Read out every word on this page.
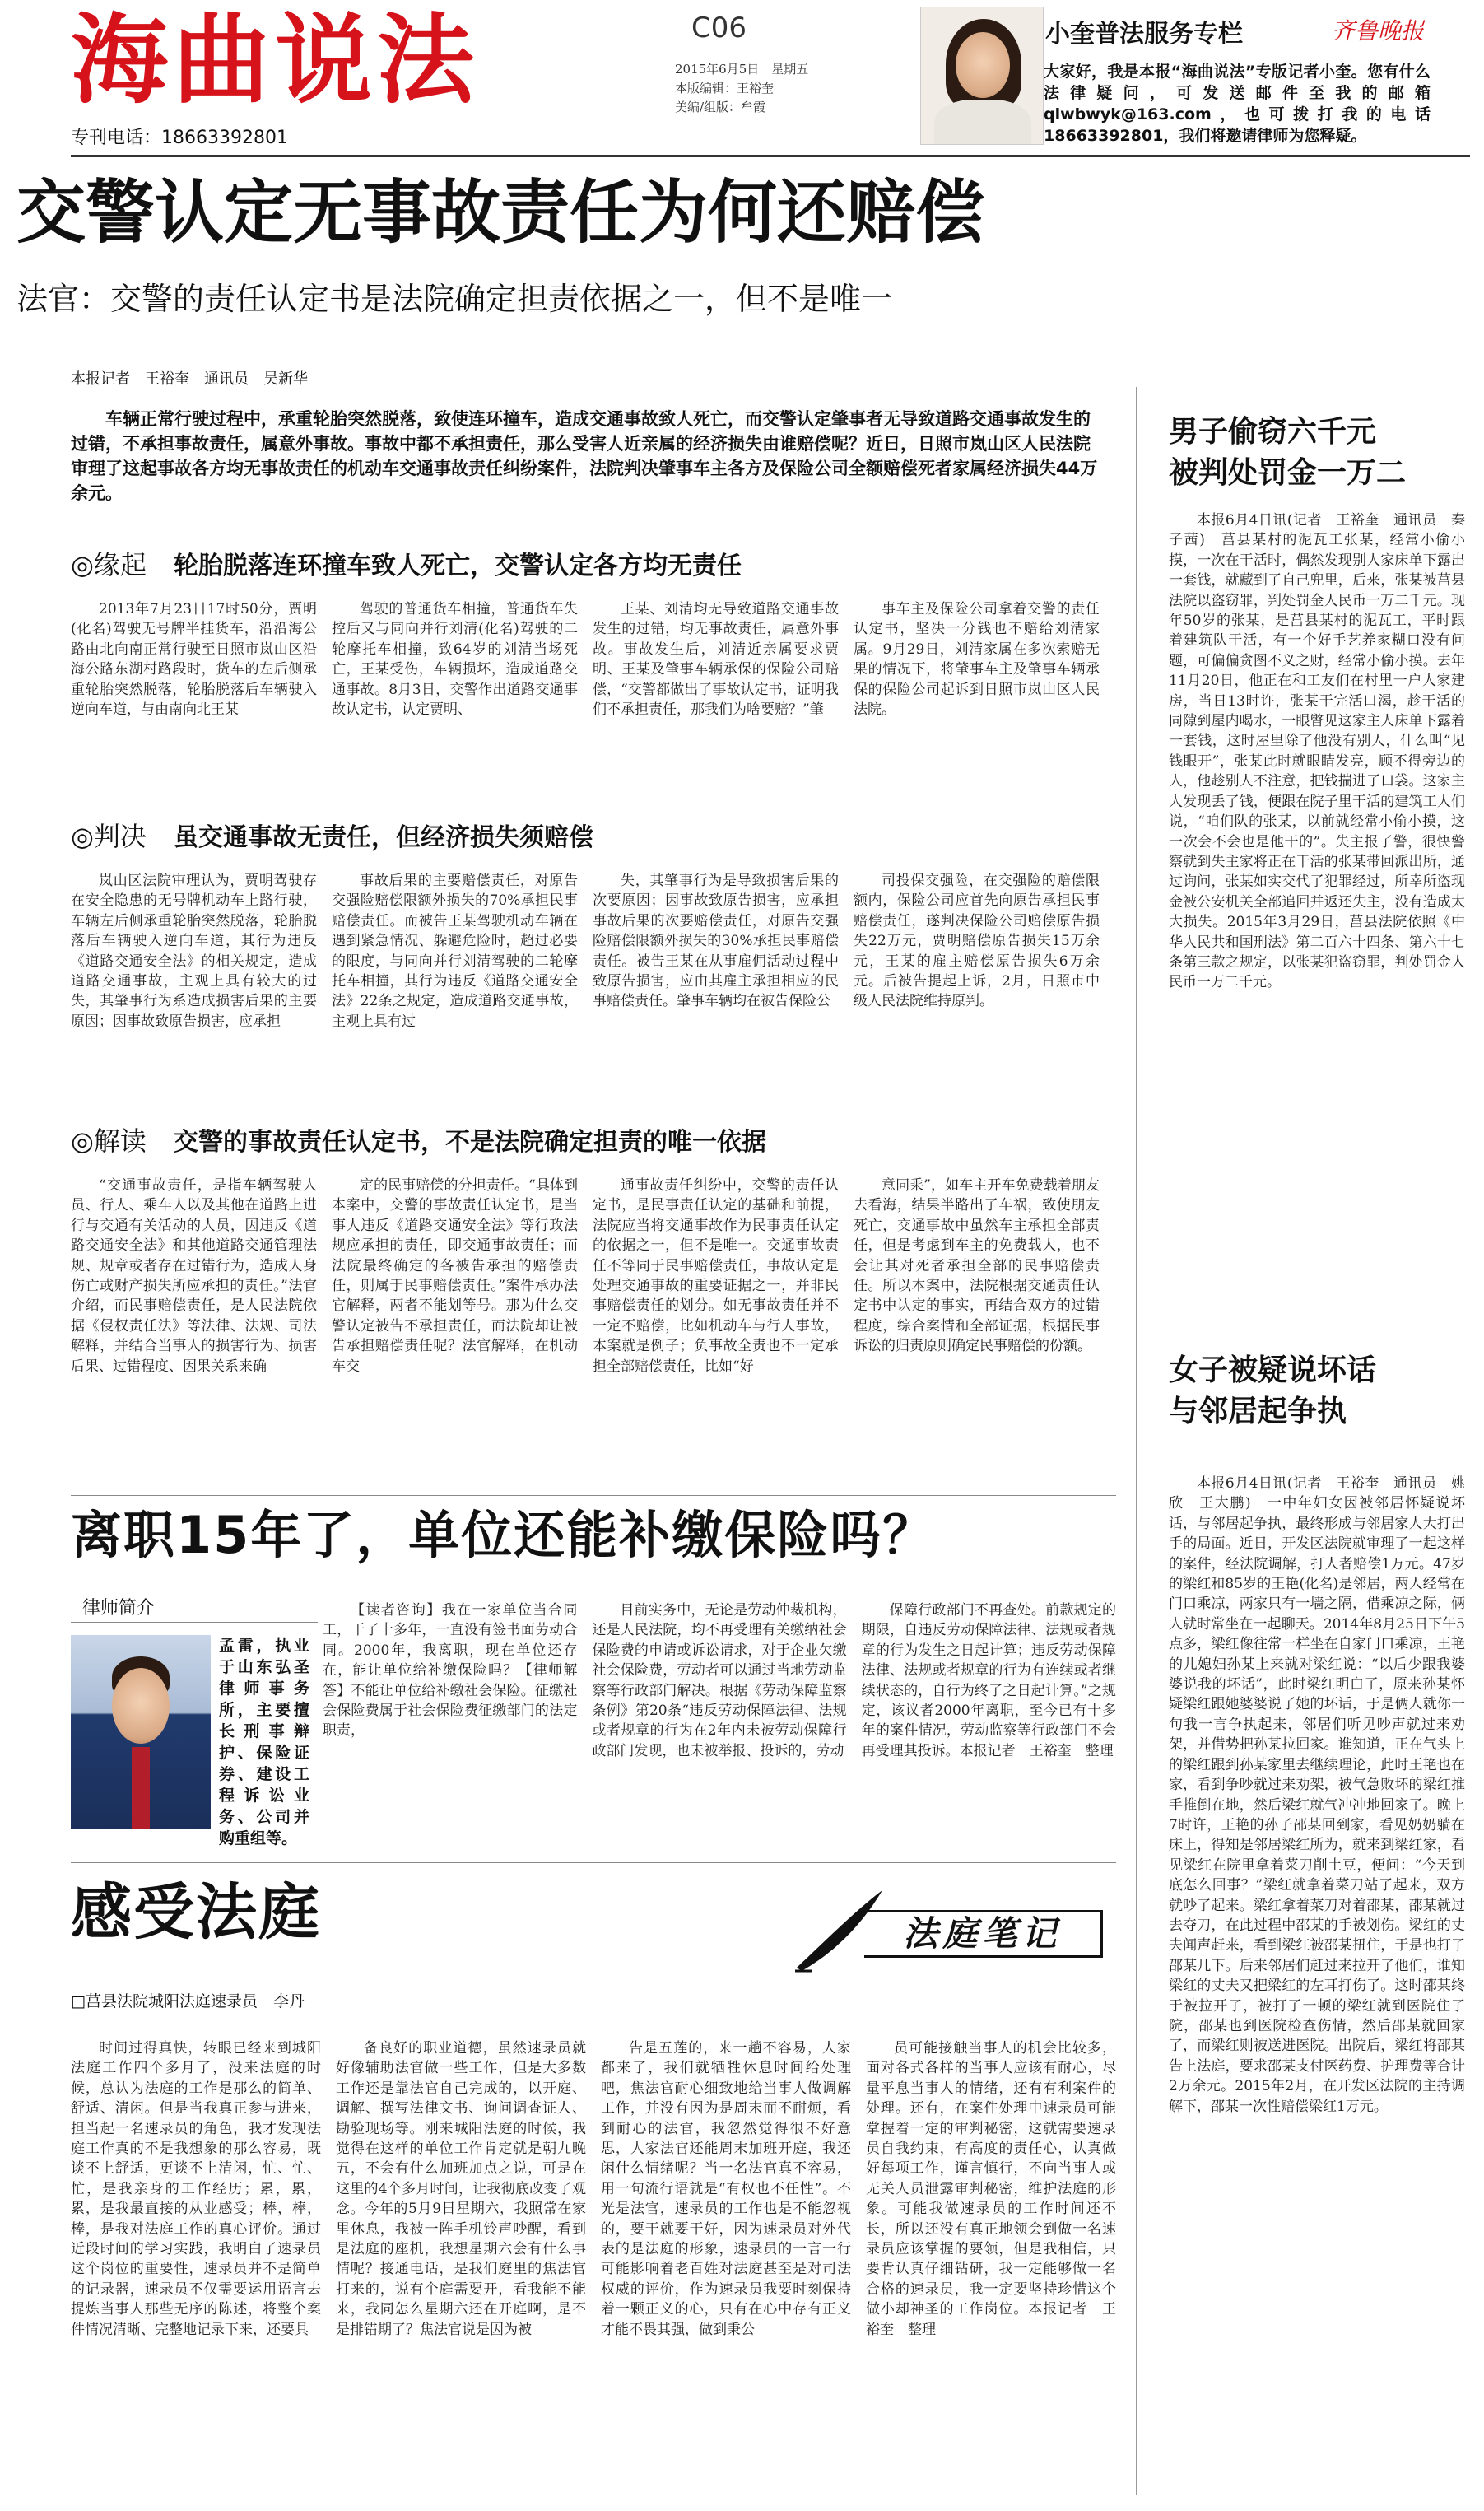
海曲说法	C06
2015年6月5日　星期五
本版编辑：王裕奎
美编/组版：牟霞
专刊电话：18663392801
小奎普法服务专栏	齐鲁晚报
大家好，我是本报“海曲说法”专版记者小奎。您有什么法律疑问，可发送邮件至我的邮箱qlwbwyk@163.com，也可拨打我的电话18663392801，我们将邀请律师为您释疑。
交警认定无事故责任为何还赔偿
法官：交警的责任认定书是法院确定担责依据之一，但不是唯一
本报记者　王裕奎　通讯员　吴新华
车辆正常行驶过程中，承重轮胎突然脱落，致使连环撞车，造成交通事故致人死亡，而交警认定肇事者无导致道路交通事故发生的过错，不承担事故责任，属意外事故。事故中都不承担责任，那么受害人近亲属的经济损失由谁赔偿呢？近日，日照市岚山区人民法院审理了这起事故各方均无事故责任的机动车交通事故责任纠纷案件，法院判决肇事车主各方及保险公司全额赔偿死者家属经济损失44万余元。
◎缘起 轮胎脱落连环撞车致人死亡，交警认定各方均无责任

2013年7月23日17时50分，贾明(化名)驾驶无号牌半挂货车，沿沿海公路由北向南正常行驶至日照市岚山区沿海公路东湖村路段时，货车的左后侧承重轮胎突然脱落，轮胎脱落后车辆驶入逆向车道，与由南向北王某

驾驶的普通货车相撞，普通货车失控后又与同向并行刘清(化名)驾驶的二轮摩托车相撞，致64岁的刘清当场死亡，王某受伤，车辆损坏，造成道路交通事故。8月3日，交警作出道路交通事故认定书，认定贾明、

王某、刘清均无导致道路交通事故发生的过错，均无事故责任，属意外事故。事故发生后，刘清近亲属要求贾明、王某及肇事车辆承保的保险公司赔偿，“交警都做出了事故认定书，证明我们不承担责任，那我们为啥要赔？”肇

事车主及保险公司拿着交警的责任认定书，坚决一分钱也不赔给刘清家属。9月29日，刘清家属在多次索赔无果的情况下，将肇事车主及肇事车辆承保的保险公司起诉到日照市岚山区人民法院。

◎判决 虽交通事故无责任，但经济损失须赔偿

岚山区法院审理认为，贾明驾驶存在安全隐患的无号牌机动车上路行驶，车辆左后侧承重轮胎突然脱落，轮胎脱落后车辆驶入逆向车道，其行为违反《道路交通安全法》的相关规定，造成道路交通事故，主观上具有较大的过失，其肇事行为系造成损害后果的主要原因；因事故致原告损害，应承担

事故后果的主要赔偿责任，对原告交强险赔偿限额外损失的70%承担民事赔偿责任。而被告王某驾驶机动车辆在遇到紧急情况、躲避危险时，超过必要的限度，与同向并行刘清驾驶的二轮摩托车相撞，其行为违反《道路交通安全法》22条之规定，造成道路交通事故，主观上具有过

失，其肇事行为是导致损害后果的次要原因；因事故致原告损害，应承担事故后果的次要赔偿责任，对原告交强险赔偿限额外损失的30%承担民事赔偿责任。被告王某在从事雇佣活动过程中致原告损害，应由其雇主承担相应的民事赔偿责任。肇事车辆均在被告保险公

司投保交强险，在交强险的赔偿限额内，保险公司应首先向原告承担民事赔偿责任，遂判决保险公司赔偿原告损失22万元，贾明赔偿原告损失15万余元，王某的雇主赔偿原告损失6万余元。后被告提起上诉，2月，日照市中级人民法院维持原判。

◎解读 交警的事故责任认定书，不是法院确定担责的唯一依据

“交通事故责任，是指车辆驾驶人员、行人、乘车人以及其他在道路上进行与交通有关活动的人员，因违反《道路交通安全法》和其他道路交通管理法规、规章或者存在过错行为，造成人身伤亡或财产损失所应承担的责任。”法官介绍，而民事赔偿责任，是人民法院依据《侵权责任法》等法律、法规、司法解释，并结合当事人的损害行为、损害后果、过错程度、因果关系来确

定的民事赔偿的分担责任。“具体到本案中，交警的事故责任认定书，是当事人违反《道路交通安全法》等行政法规应承担的责任，即交通事故责任；而法院最终确定的各被告承担的赔偿责任，则属于民事赔偿责任。”案件承办法官解释，两者不能划等号。那为什么交警认定被告不承担责任，而法院却让被告承担赔偿责任呢？法官解释，在机动车交

通事故责任纠纷中，交警的责任认定书，是民事责任认定的基础和前提，法院应当将交通事故作为民事责任认定的依据之一，但不是唯一。交通事故责任不等同于民事赔偿责任，事故认定是处理交通事故的重要证据之一，并非民事赔偿责任的划分。如无事故责任并不一定不赔偿，比如机动车与行人事故，本案就是例子；负事故全责也不一定承担全部赔偿责任，比如“好

意同乘”，如车主开车免费载着朋友去看海，结果半路出了车祸，致使朋友死亡，交通事故中虽然车主承担全部责任，但是考虑到车主的免费载人，也不会让其对死者承担全部的民事赔偿责任。所以本案中，法院根据交通责任认定书中认定的事实，再结合双方的过错程度，综合案情和全部证据，根据民事诉讼的归责原则确定民事赔偿的份额。

男子偷窃六千元
被判处罚金一万二

本报6月4日讯(记者　王裕奎　通讯员　秦子茜)　莒县某村的泥瓦工张某，经常小偷小摸，一次在干活时，偶然发现别人家床单下露出一套钱，就藏到了自己兜里，后来，张某被莒县法院以盗窃罪，判处罚金人民币一万二千元。现年50岁的张某，是莒县某村的泥瓦工，平时跟着建筑队干活，有一个好手艺养家糊口没有问题，可偏偏贪图不义之财，经常小偷小摸。去年11月20日，他正在和工友们在村里一户人家建房，当日13时许，张某干完活口渴，趁干活的同隙到屋内喝水，一眼瞥见这家主人床单下露着一套钱，这时屋里除了他没有别人，什么叫“见钱眼开”，张某此时就眼睛发亮，顾不得旁边的人，他趁别人不注意，把钱揣进了口袋。这家主人发现丢了钱，便跟在院子里干活的建筑工人们说，“咱们队的张某，以前就经常小偷小摸，这一次会不会也是他干的”。失主报了警，很快警察就到失主家将正在干活的张某带回派出所，通过询问，张某如实交代了犯罪经过，所幸所盗现金被公安机关全部追回并返还失主，没有造成太大损失。2015年3月29日，莒县法院依照《中华人民共和国刑法》第二百六十四条、第六十七条第三款之规定，以张某犯盗窃罪，判处罚金人民币一万二千元。

女子被疑说坏话
与邻居起争执

本报6月4日讯(记者　王裕奎　通讯员　姚欣　王大鹏)　一中年妇女因被邻居怀疑说坏话，与邻居起争执，最终形成与邻居家人大打出手的局面。近日，开发区法院就审理了一起这样的案件，经法院调解，打人者赔偿1万元。47岁的梁红和85岁的王艳(化名)是邻居，两人经常在门口乘凉，两家只有一墙之隔，借乘凉之际，俩人就时常坐在一起聊天。2014年8月25日下午5点多，梁红像往常一样坐在自家门口乘凉，王艳的儿媳妇孙某上来就对梁红说：“以后少跟我婆婆说我的坏话”，此时梁红明白了，原来孙某怀疑梁红跟她婆婆说了她的坏话，于是俩人就你一句我一言争执起来，邻居们听见吵声就过来劝架，并借势把孙某拉回家。谁知道，正在气头上的梁红跟到孙某家里去继续理论，此时王艳也在家，看到争吵就过来劝架，被气急败坏的梁红推手推倒在地，然后梁红就气冲冲地回家了。晚上7时许，王艳的孙子邵某回到家，看见奶奶躺在床上，得知是邻居梁红所为，就来到梁红家，看见梁红在院里拿着菜刀削土豆，便问：“今天到底怎么回事？”梁红就拿着菜刀站了起来，双方就吵了起来。梁红拿着菜刀对着邵某，邵某就过去夺刀，在此过程中邵某的手被划伤。梁红的丈夫闻声赶来，看到梁红被邵某扭住，于是也打了邵某几下。后来邻居们赶过来拉开了他们，谁知梁红的丈夫又把梁红的左耳打伤了。这时邵某终于被拉开了，被打了一顿的梁红就到医院住了院，邵某也到医院检查伤情，然后邵某就回家了，而梁红则被送进医院。出院后，梁红将邵某告上法庭，要求邵某支付医药费、护理费等合计2万余元。2015年2月，在开发区法院的主持调解下，邵某一次性赔偿梁红1万元。

离职15年了，单位还能补缴保险吗？
律师简介
孟雷，执业于山东弘圣律师事务所，主要擅长刑事辩护、保险证券、建设工程诉讼业务、公司并购重组等。

【读者咨询】我在一家单位当合同工，干了十多年，一直没有签书面劳动合同。2000年，我离职，现在单位还存在，能让单位给补缴保险吗？【律师解答】不能让单位给补缴社会保险。征缴社会保险费属于社会保险费征缴部门的法定职责，

目前实务中，无论是劳动仲裁机构，还是人民法院，均不再受理有关缴纳社会保险费的申请或诉讼请求，对于企业欠缴社会保险费，劳动者可以通过当地劳动监察等行政部门解决。根据《劳动保障监察条例》第20条“违反劳动保障法律、法规或者规章的行为在2年内未被劳动保障行政部门发现，也未被举报、投诉的，劳动

保障行政部门不再查处。前款规定的期限，自违反劳动保障法律、法规或者规章的行为发生之日起计算；违反劳动保障法律、法规或者规章的行为有连续或者继续状态的，自行为终了之日起计算。”之规定，该议者2000年离职，至今已有十多年的案件情况，劳动监察等行政部门不会再受理其投诉。本报记者　王裕奎　整理

感受法庭
□莒县法院城阳法庭速录员　李丹
法庭笔记

时间过得真快，转眼已经来到城阳法庭工作四个多月了，没来法庭的时候，总认为法庭的工作是那么的简单、舒适、清闲。但是当我真正参与进来，担当起一名速录员的角色，我才发现法庭工作真的不是我想象的那么容易，既谈不上舒适，更谈不上清闲，忙、忙、忙，是我亲身的工作经历；累，累，累，是我最直接的从业感受；棒，棒，棒，是我对法庭工作的真心评价。通过近段时间的学习实践，我明白了速录员这个岗位的重要性，速录员并不是简单的记录器，速录员不仅需要运用语言去提炼当事人那些无序的陈述，将整个案件情况清晰、完整地记录下来，还要具

备良好的职业道德，虽然速录员就好像辅助法官做一些工作，但是大多数工作还是靠法官自己完成的，以开庭、调解、撰写法律文书、询问调查证人、勘验现场等。刚来城阳法庭的时候，我觉得在这样的单位工作肯定就是朝九晚五，不会有什么加班加点之说，可是在这里的4个多月时间，让我彻底改变了观念。今年的5月9日星期六，我照常在家里休息，我被一阵手机铃声吵醒，看到是法庭的座机，我想星期六会有什么事情呢？接通电话，是我们庭里的焦法官打来的，说有个庭需要开，看我能不能来，我同怎么星期六还在开庭啊，是不是排错期了？焦法官说是因为被

告是五莲的，来一趟不容易，人家都来了，我们就牺牲休息时间给处理吧，焦法官耐心细致地给当事人做调解工作，并没有因为是周末而不耐烦，看到耐心的法官，我忽然觉得很不好意思，人家法官还能周末加班开庭，我还闲什么情绪呢？当一名法官真不容易，用一句流行语就是“有权也不任性”。不光是法官，速录员的工作也是不能忽视的，要干就要干好，因为速录员对外代表的是法庭的形象，速录员的一言一行可能影响着老百姓对法庭甚至是对司法权威的评价，作为速录员我要时刻保持着一颗正义的心，只有在心中存有正义才能不畏其强，做到秉公

员可能接触当事人的机会比较多，面对各式各样的当事人应该有耐心，尽量平息当事人的情绪，还有有利案件的处理。还有，在案件处理中速录员可能掌握着一定的审判秘密，这就需要速录员自我约束，有高度的责任心，认真做好每项工作，谨言慎行，不向当事人或无关人员泄露审判秘密，维护法庭的形象。可能我做速录员的工作时间还不长，所以还没有真正地领会到做一名速录员应该掌握的要领，但是我相信，只要肯认真仔细钻研，我一定能够做一名合格的速录员，我一定要坚持珍惜这个做小却神圣的工作岗位。本报记者　王裕奎　整理
